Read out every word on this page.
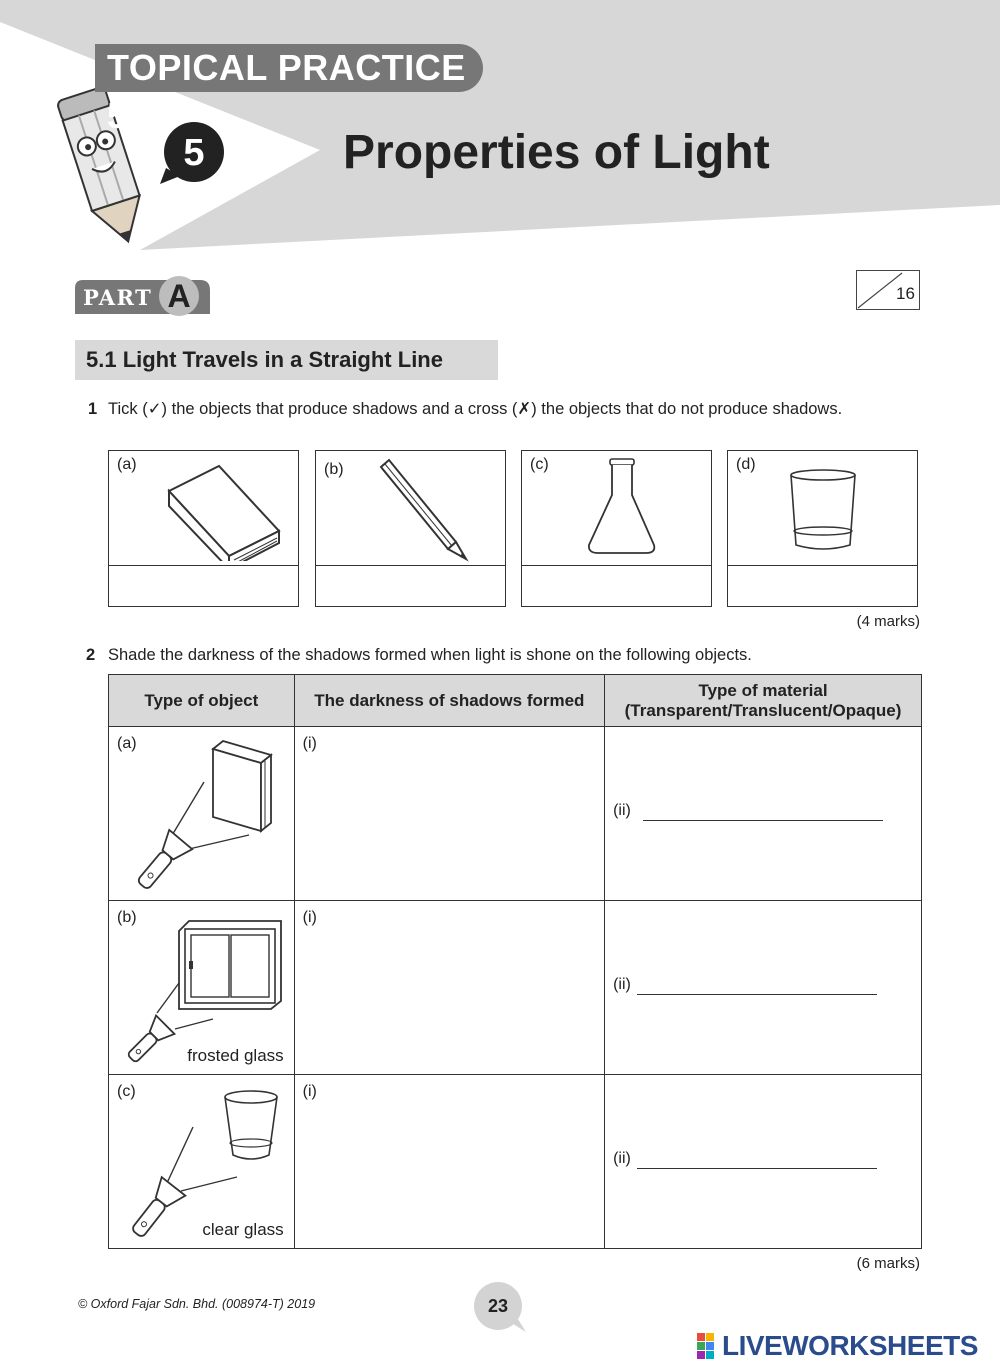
TOPICAL PRACTICE 5
5	Properties of Light
PART A	16
5.1 Light Travels in a Straight Line
1 Tick (✓) the objects that produce shadows and a cross (✗) the objects that do not produce shadows.
(a)	(b)	(c)	(d)
(4 marks)
2 Shade the darkness of the shadows formed when light is shone on the following objects.
Type of object	The darkness of shadows formed	Type of material
(Transparent/Translucent/Opaque)

(a)	(i)	(ii)

(b)
frosted glass	(i)	(ii)

(c)
clear glass	(i)	(ii)
(6 marks)
© Oxford Fajar Sdn. Bhd. (008974-T) 2019	23
LIVEWORKSHEETS
